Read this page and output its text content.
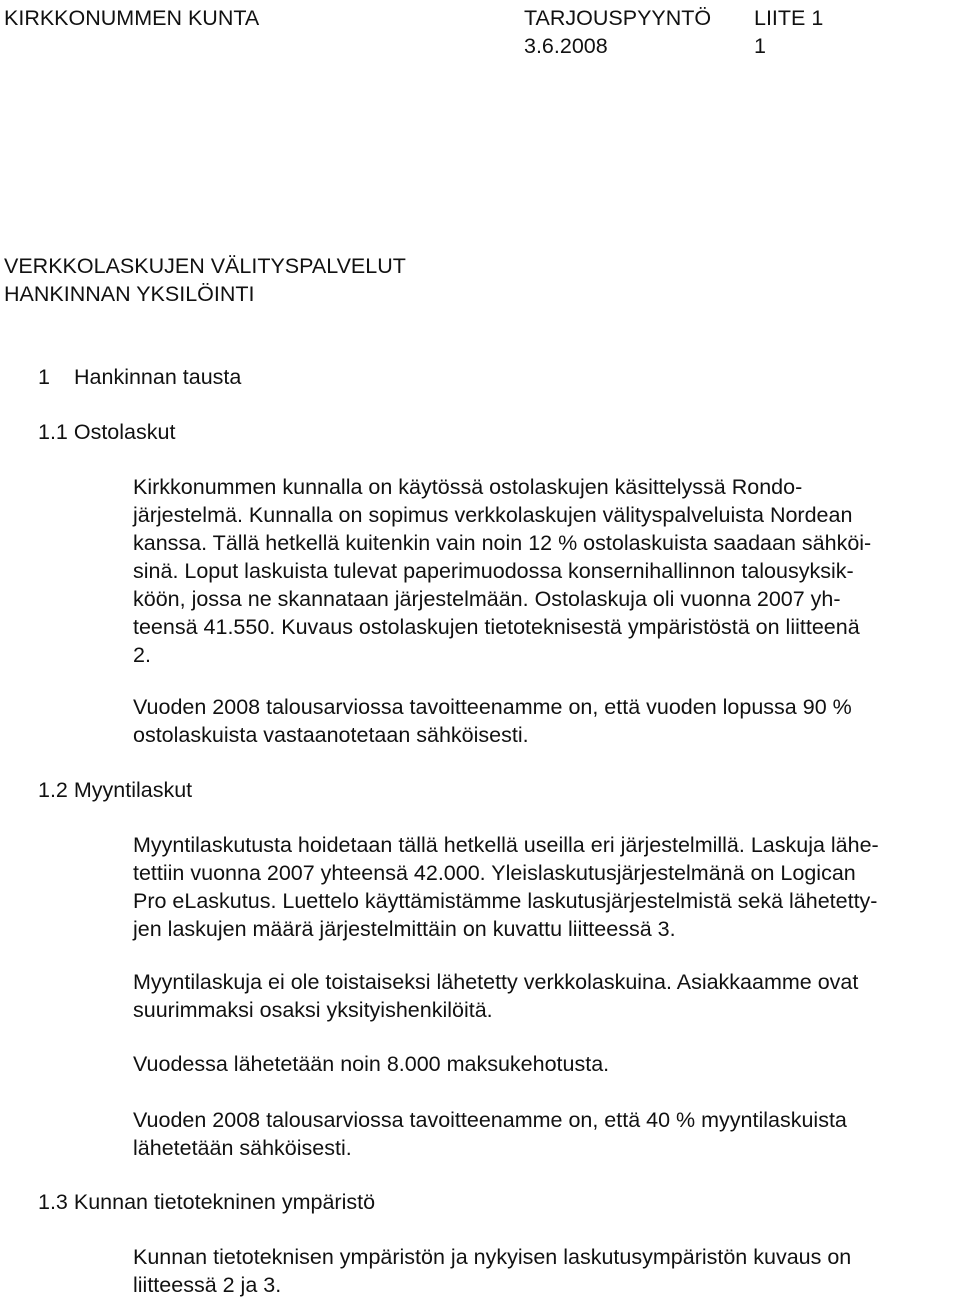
KIRKKONUMMEN KUNTA	TARJOUSPYYNTÖ
3.6.2008
LIITE 1
1
VERKKOLASKUJEN VÄLITYSPALVELUT
HANKINNAN YKSILÖINTI
1 Hankinnan tausta
1.1 Ostolaskut
Kirkkonummen kunnalla on käytössä ostolaskujen käsittelyssä Rondo-
järjestelmä. Kunnalla on sopimus verkkolaskujen välityspalveluista Nordean
kanssa. Tällä hetkellä kuitenkin vain noin 12 % ostolaskuista saadaan sähköi-
sinä. Loput laskuista tulevat paperimuodossa konsernihallinnon talousyksik-
köön, jossa ne skannataan järjestelmään. Ostolaskuja oli vuonna 2007 yh-
teensä 41.550. Kuvaus ostolaskujen tietoteknisestä ympäristöstä on liitteenä
2.
Vuoden 2008 talousarviossa tavoitteenamme on, että vuoden lopussa 90 %
ostolaskuista vastaanotetaan sähköisesti.
1.2 Myyntilaskut
Myyntilaskutusta hoidetaan tällä hetkellä useilla eri järjestelmillä. Laskuja lähe-
tettiin vuonna 2007 yhteensä 42.000. Yleislaskutusjärjestelmänä on Logican
Pro eLaskutus. Luettelo käyttämistämme laskutusjärjestelmistä sekä lähetetty-
jen laskujen määrä järjestelmittäin on kuvattu liitteessä 3.
Myyntilaskuja ei ole toistaiseksi lähetetty verkkolaskuina. Asiakkaamme ovat
suurimmaksi osaksi yksityishenkilöitä.
Vuodessa lähetetään noin 8.000 maksukehotusta.
Vuoden 2008 talousarviossa tavoitteenamme on, että 40 % myyntilaskuista
lähetetään sähköisesti.
1.3 Kunnan tietotekninen ympäristö
Kunnan tietoteknisen ympäristön ja nykyisen laskutusympäristön kuvaus on
liitteessä 2 ja 3.
